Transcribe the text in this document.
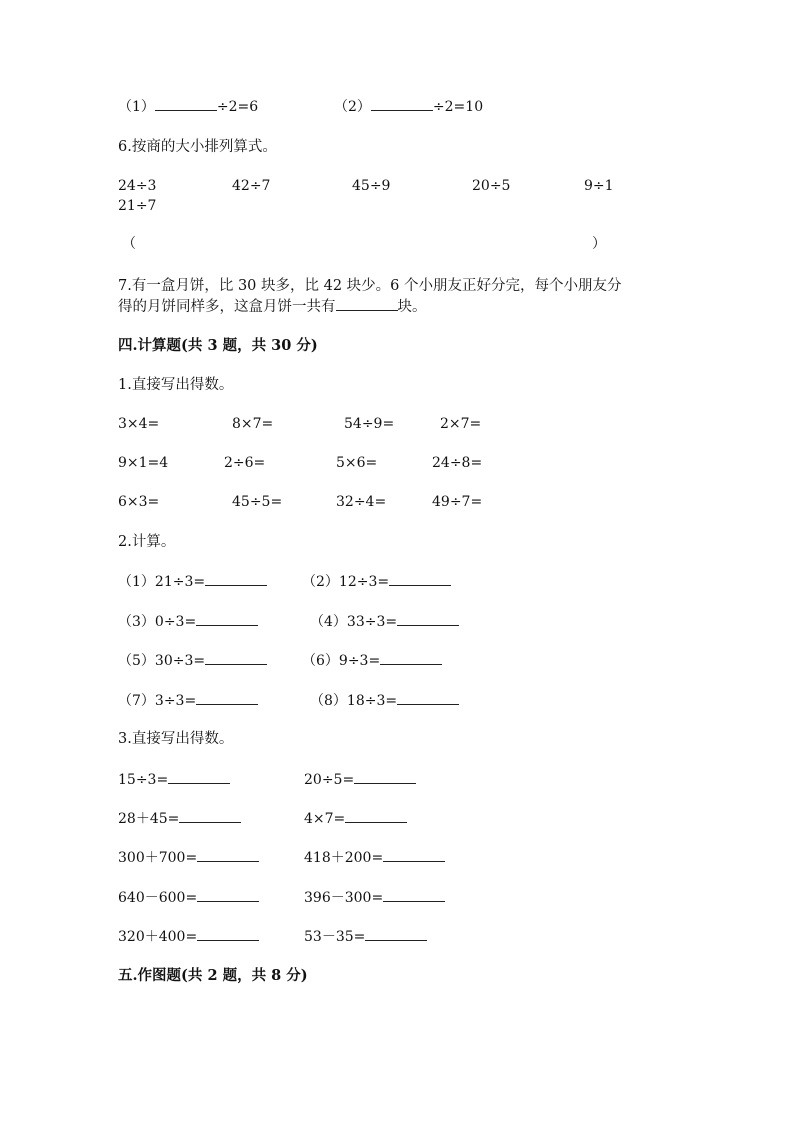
（1）	÷2=6	（2）	÷2=10
6.按商的大小排列算式。
24÷3	42÷7	45÷9	20÷5	9÷1
21÷7
（	）
7.有一盒月饼，比 30 块多，比 42 块少。6 个小朋友正好分完，每个小朋友分
得的月饼同样多，这盒月饼一共有	块。
四.计算题(共 3 题，共 30 分)
1.直接写出得数。
3×4=	8×7=	54÷9=	2×7=
9×1=4	2÷6=	5×6=	24÷8=
6×3=	45÷5=	32÷4=	49÷7=
2.计算。
（1）21÷3=	（2）12÷3=
（3）0÷3=	（4）33÷3=
（5）30÷3=	（6）9÷3=
（7）3÷3=	（8）18÷3=
3.直接写出得数。
15÷3=	20÷5=
28＋45=	4×7=
300＋700=	418＋200=
640－600=	396－300=
320＋400=	53－35=
五.作图题(共 2 题，共 8 分)
